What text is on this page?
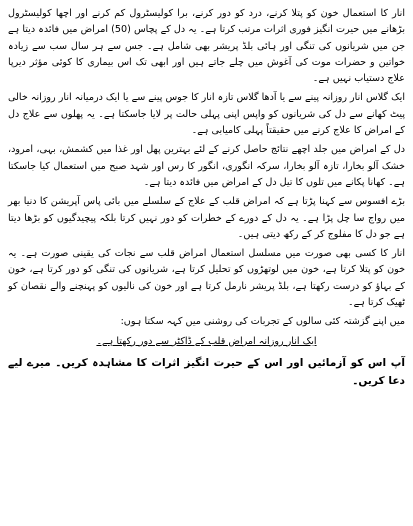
انار کا استعمال خون کو پتلا کرنے، درد کو دور کرنے، برا کولیسٹرول کم کرنے اور اچھا کولیسٹرول بڑھانے میں حیرت انگیز فوری اثرات مرتب کرتا ہے۔ یہ دل کے پچاس (50) امراض میں فائدہ دیتا ہے جن میں شریانوں کی تنگی اور ہائی بلڈ پریشر بھی شامل ہے۔ جس سے ہر سال سب سے زیادہ خواتین و حضرات موت کی آغوش میں چلے جاتے ہیں اور ابھی تک اس بیماری کا کوئی مؤثر دیرپا علاج دستیاب نہیں ہے۔

ایک گلاس انار روزانہ پینے سے یا آدھا گلاس تازہ انار کا جوس پینے سے یا ایک درمیانہ انار روزانہ خالی پیٹ کھانے سے دل کی شریانوں کو واپس اپنی پہلی حالت پر لایا جاسکتا ہے۔ یہ پھلوں سے علاج دل کے امراض کا علاج کرنے میں حقیقتاً پہلی کامیابی ہے۔

دل کے امراض میں جلد اچھے نتائج حاصل کرنے کے لئے بہترین پھل اور غذا میں کشمش، بہی، امرود، خشک آلو بخارا، تازہ آلو بخارا، سرکہ انگوری، انگور کا رس اور شہد صبح میں استعمال کیا جاسکتا ہے۔ کھانا پکانے میں تلوں کا تیل دل کے امراض میں فائدہ دیتا ہے۔

بڑے افسوس سے کہنا پڑتا ہے کہ امراض قلب کے علاج کے سلسلے میں بائی پاس آپریشن کا دنیا بھر میں رواج سا چل پڑا ہے۔ یہ دل کے دورے کے خطرات کو دور نہیں کرتا بلکہ پیچیدگیوں کو بڑھا دیتا ہے جو دل کا مفلوج کر کے رکھ دیتی ہیں۔

انار کا کسی بھی صورت میں مسلسل استعمال امراض قلب سے نجات کی یقینی صورت ہے۔ یہ خون کو پتلا کرتا ہے، خون میں لوتھڑوں کو تحلیل کرتا ہے، شریانوں کی تنگی کو دور کرتا ہے، خون کے بہاؤ کو درست رکھتا ہے، بلڈ پریشر نارمل کرتا ہے اور خون کی نالیوں کو پہنچنے والے نقصان کو ٹھیک کرتا ہے۔

میں اپنے گزشتہ کئی سالوں کے تجربات کی روشنی میں کہہ سکتا ہوں:

ایک انار روزانہ امراض قلب کے ڈاکٹر سے دور رکھتا ہے۔

آپ اس کو آزمائیں اور اس کے حیرت انگیز اثرات کا مشاہدہ کریں۔ میرے لیے دعا کریں۔
